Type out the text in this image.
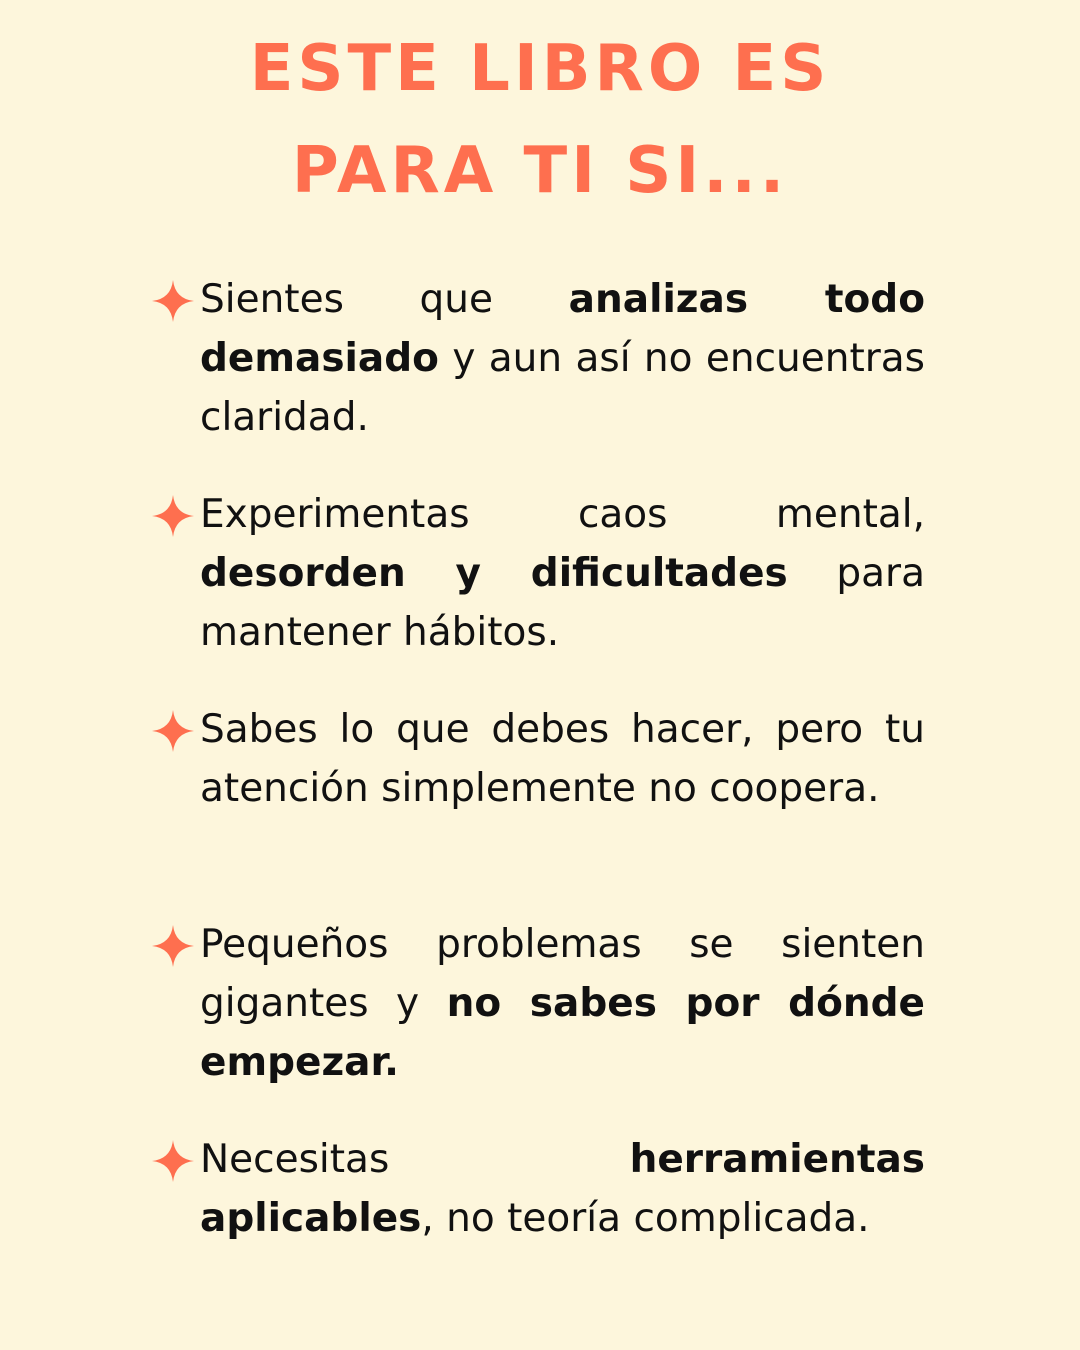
ESTE LIBRO ES
PARA TI SI...

Sientes que analizas todo demasiado y aun así no encuentras claridad.

Experimentas caos mental, desorden y dificultades para mantener hábitos.

Sabes lo que debes hacer, pero tu atención simplemente no coopera.

Pequeños problemas se sienten gigantes y no sabes por dónde empezar.

Necesitas herramientas aplicables, no teoría complicada.
